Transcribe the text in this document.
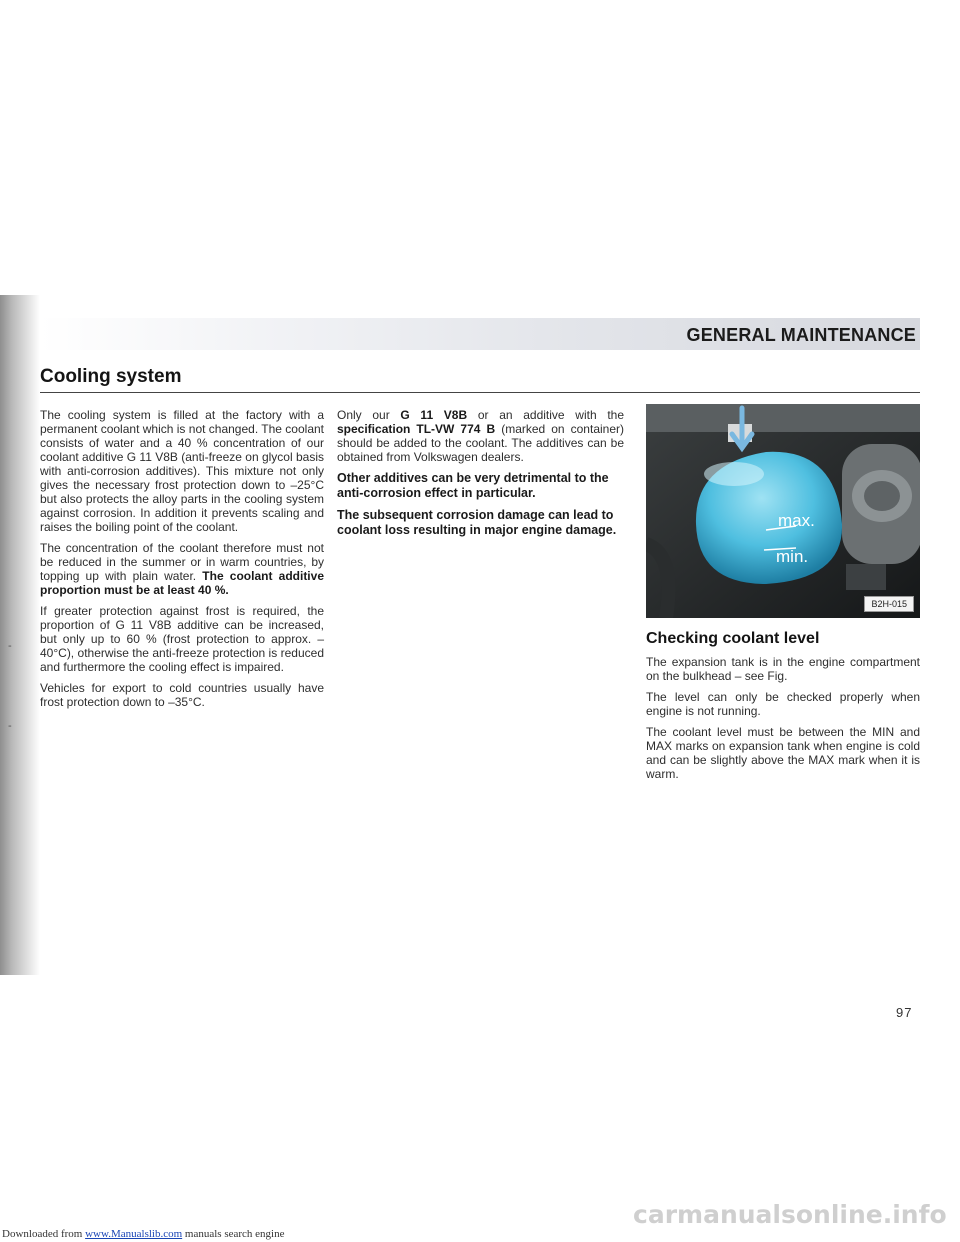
-
-
GENERAL MAINTENANCE
Cooling system

The cooling system is filled at the factory with a permanent coolant which is not changed. The coolant consists of water and a 40 % concentration of our coolant additive G 11 V8B (anti-freeze on glycol basis with anti-corrosion additives). This mixture not only gives the necessary frost protection down to –25°C but also protects the alloy parts in the cooling system against corrosion. In addition it prevents scaling and raises the boiling point of the coolant.

The concentration of the coolant therefore must not be reduced in the summer or in warm countries, by topping up with plain water. The coolant additive proportion must be at least 40 %.

If greater protection against frost is required, the proportion of G 11 V8B additive can be increased, but only up to 60 % (frost protection to approx. –40°C), otherwise the anti-freeze protection is reduced and furthermore the cooling effect is impaired.

Vehicles for export to cold countries usually have frost protection down to –35°C.

Only our G 11 V8B or an additive with the specification TL-VW 774 B (marked on container) should be added to the coolant. The additives can be obtained from Volkswagen dealers.

Other additives can be very detrimental to the anti-corrosion effect in particular.

The subsequent corrosion damage can lead to coolant loss resulting in major engine damage.	max.
min.
B2H-015
Checking coolant level

The expansion tank is in the engine compartment on the bulkhead – see Fig.

The level can only be checked properly when engine is not running.

The coolant level must be between the MIN and MAX marks on expansion tank when engine is cold and can be slightly above the MAX mark when it is warm.

97
Downloaded from www.Manualslib.com manuals search engine
carmanualsonline.info
